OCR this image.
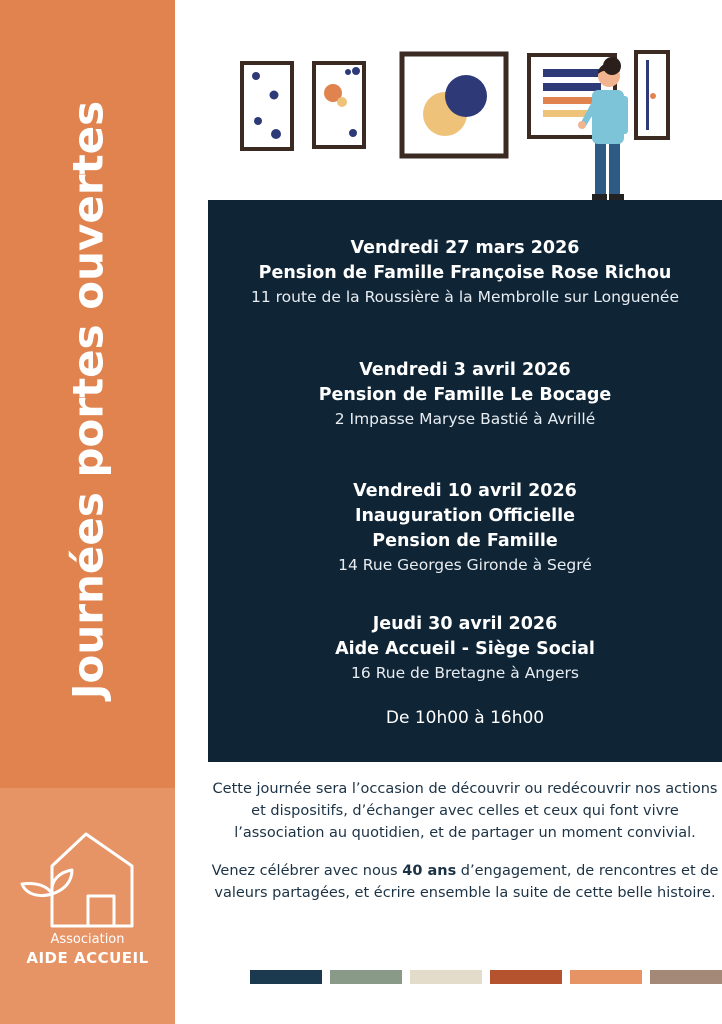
Journées portes ouvertes
Association
AIDE ACCUEIL
Vendredi 27 mars 2026
Pension de Famille Françoise Rose Richou
11 route de la Roussière à la Membrolle sur Longuenée
Vendredi 3 avril 2026
Pension de Famille Le Bocage
2 Impasse Maryse Bastié à Avrillé
Vendredi 10 avril 2026
Inauguration Officielle
Pension de Famille
14 Rue Georges Gironde à Segré
Jeudi 30 avril 2026
Aide Accueil - Siège Social
16 Rue de Bretagne à Angers
De 10h00 à 16h00

Cette journée sera l’occasion de découvrir ou redécouvrir nos actions et dispositifs, d’échanger avec celles et ceux qui font vivre l’association au quotidien, et de partager un moment convivial.

Venez célébrer avec nous 40 ans d’engagement, de rencontres et de valeurs partagées, et écrire ensemble la suite de cette belle histoire.
